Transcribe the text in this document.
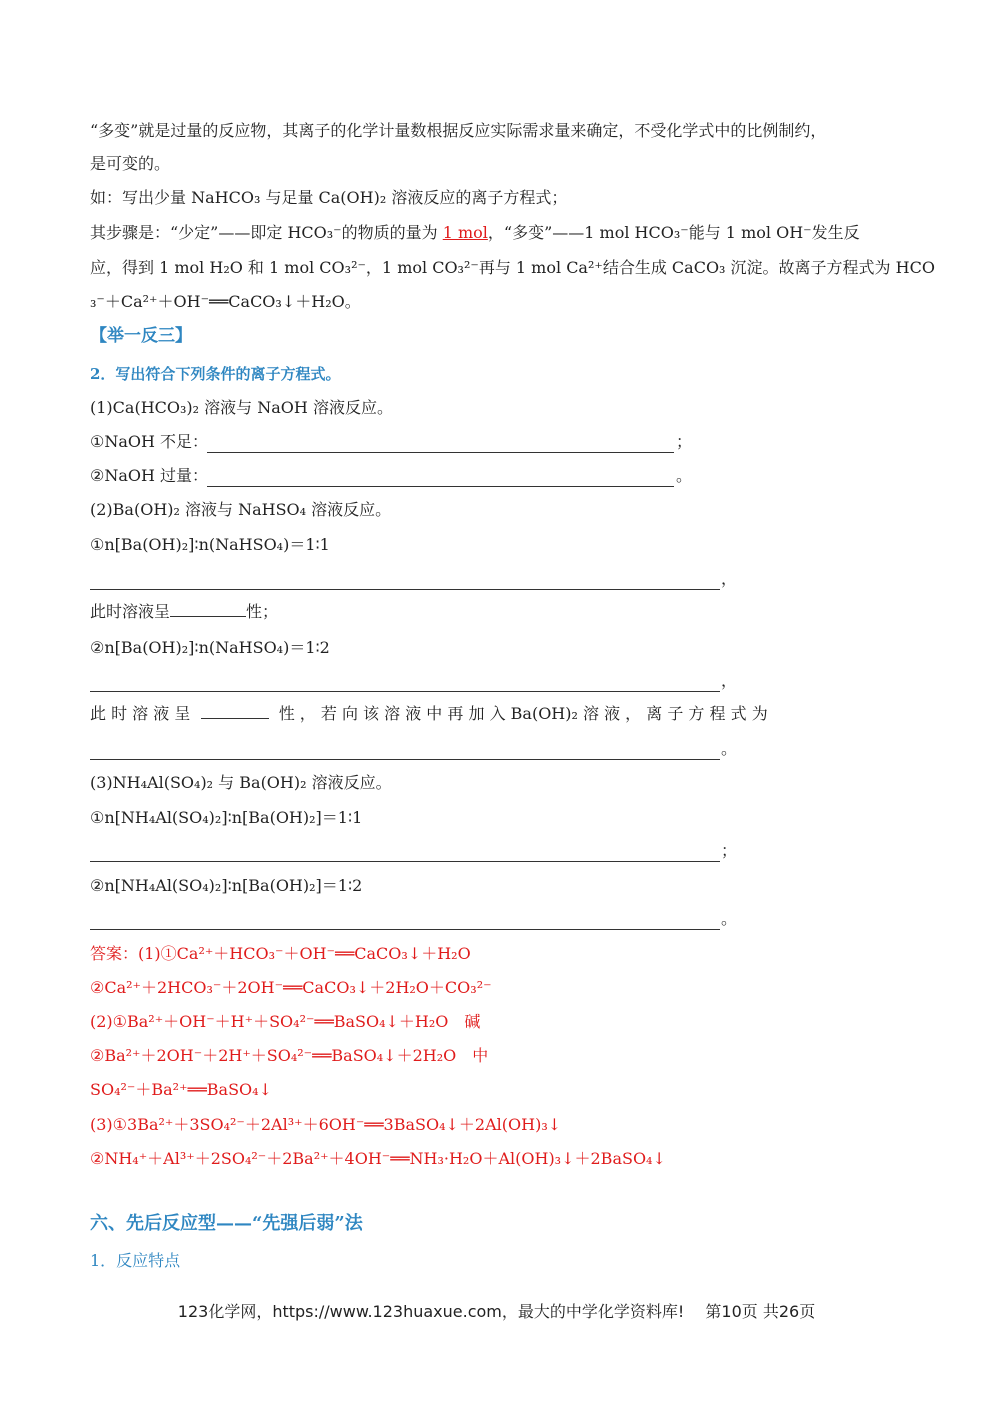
“多变”就是过量的反应物，其离子的化学计量数根据反应实际需求量来确定，不受化学式中的比例制约，
是可变的。
如：写出少量 NaHCO₃ 与足量 Ca(OH)₂ 溶液反应的离子方程式；
其步骤是：“少定”——即定 HCO₃⁻的物质的量为 1 mol，“多变”——1 mol HCO₃⁻能与 1 mol OH⁻发生反
应，得到 1 mol H₂O 和 1 mol CO₃²⁻，1 mol CO₃²⁻再与 1 mol Ca²⁺结合生成 CaCO₃ 沉淀。故离子方程式为 HCO
₃⁻＋Ca²⁺＋OH⁻══CaCO₃↓＋H₂O。
【举一反三】
2．写出符合下列条件的离子方程式。
(1)Ca(HCO₃)₂ 溶液与 NaOH 溶液反应。
①NaOH 不足：	；
②NaOH 过量：	。
(2)Ba(OH)₂ 溶液与 NaHSO₄ 溶液反应。
①n[Ba(OH)₂]∶n(NaHSO₄)＝1∶1
，
此时溶液呈	性；
②n[Ba(OH)₂]∶n(NaHSO₄)＝1∶2
，
此 时 溶 液 呈	性 ， 若 向 该 溶 液 中 再 加 入 Ba(OH)₂ 溶 液 ， 离 子 方 程 式 为
。
(3)NH₄Al(SO₄)₂ 与 Ba(OH)₂ 溶液反应。
①n[NH₄Al(SO₄)₂]∶n[Ba(OH)₂]＝1∶1
；
②n[NH₄Al(SO₄)₂]∶n[Ba(OH)₂]＝1∶2
。
答案：(1)①Ca²⁺＋HCO₃⁻＋OH⁻══CaCO₃↓＋H₂O
②Ca²⁺＋2HCO₃⁻＋2OH⁻══CaCO₃↓＋2H₂O＋CO₃²⁻
(2)①Ba²⁺＋OH⁻＋H⁺＋SO₄²⁻══BaSO₄↓＋H₂O　碱
②Ba²⁺＋2OH⁻＋2H⁺＋SO₄²⁻══BaSO₄↓＋2H₂O　中
SO₄²⁻＋Ba²⁺══BaSO₄↓
(3)①3Ba²⁺＋3SO₄²⁻＋2Al³⁺＋6OH⁻══3BaSO₄↓＋2Al(OH)₃↓
②NH₄⁺＋Al³⁺＋2SO₄²⁻＋2Ba²⁺＋4OH⁻══NH₃·H₂O＋Al(OH)₃↓＋2BaSO₄↓
六、先后反应型——“先强后弱”法
1．反应特点
123化学网，https://www.123huaxue.com，最大的中学化学资料库!　 第10页 共26页
